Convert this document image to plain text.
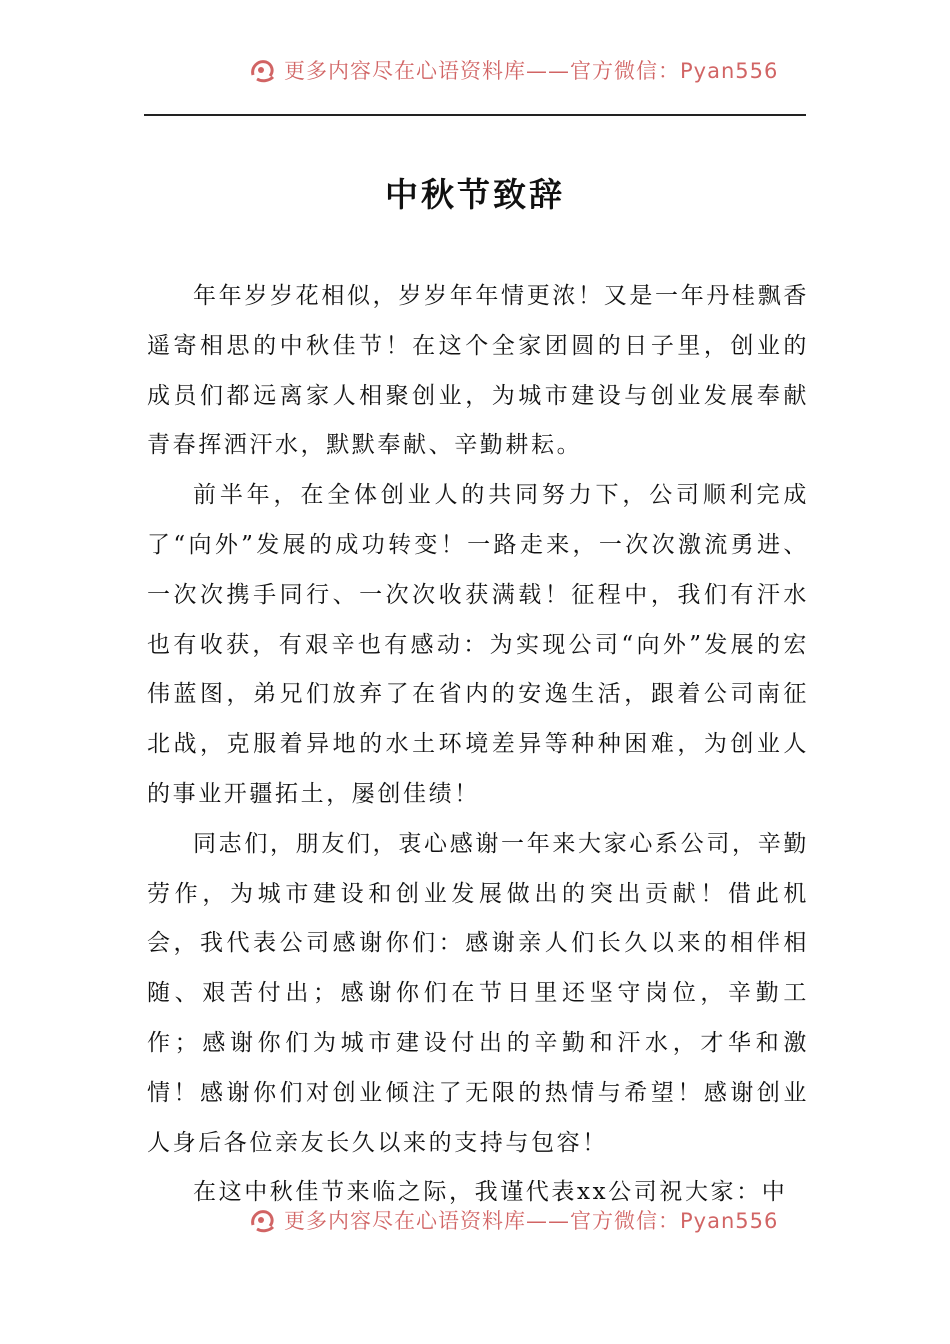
更多内容尽在心语资料库——官方微信：Pyan556
中秋节致辞

年年岁岁花相似，岁岁年年情更浓！又是一年丹桂飘香遥寄相思的中秋佳节！在这个全家团圆的日子里，创业的成员们都远离家人相聚创业，为城市建设与创业发展奉献青春挥洒汗水，默默奉献、辛勤耕耘。

前半年，在全体创业人的共同努力下，公司顺利完成了“向外”发展的成功转变！一路走来，一次次激流勇进、一次次携手同行、一次次收获满载！征程中，我们有汗水也有收获，有艰辛也有感动：为实现公司“向外”发展的宏伟蓝图，弟兄们放弃了在省内的安逸生活，跟着公司南征北战，克服着异地的水土环境差异等种种困难，为创业人的事业开疆拓土，屡创佳绩！

同志们，朋友们，衷心感谢一年来大家心系公司，辛勤劳作，为城市建设和创业发展做出的突出贡献！借此机会，我代表公司感谢你们：感谢亲人们长久以来的相伴相随、艰苦付出；感谢你们在节日里还坚守岗位，辛勤工作；感谢你们为城市建设付出的辛勤和汗水，才华和激情！感谢你们对创业倾注了无限的热情与希望！感谢创业人身后各位亲友长久以来的支持与包容！

在这中秋佳节来临之际，我谨代表xx公司祝大家：中

更多内容尽在心语资料库——官方微信：Pyan556
